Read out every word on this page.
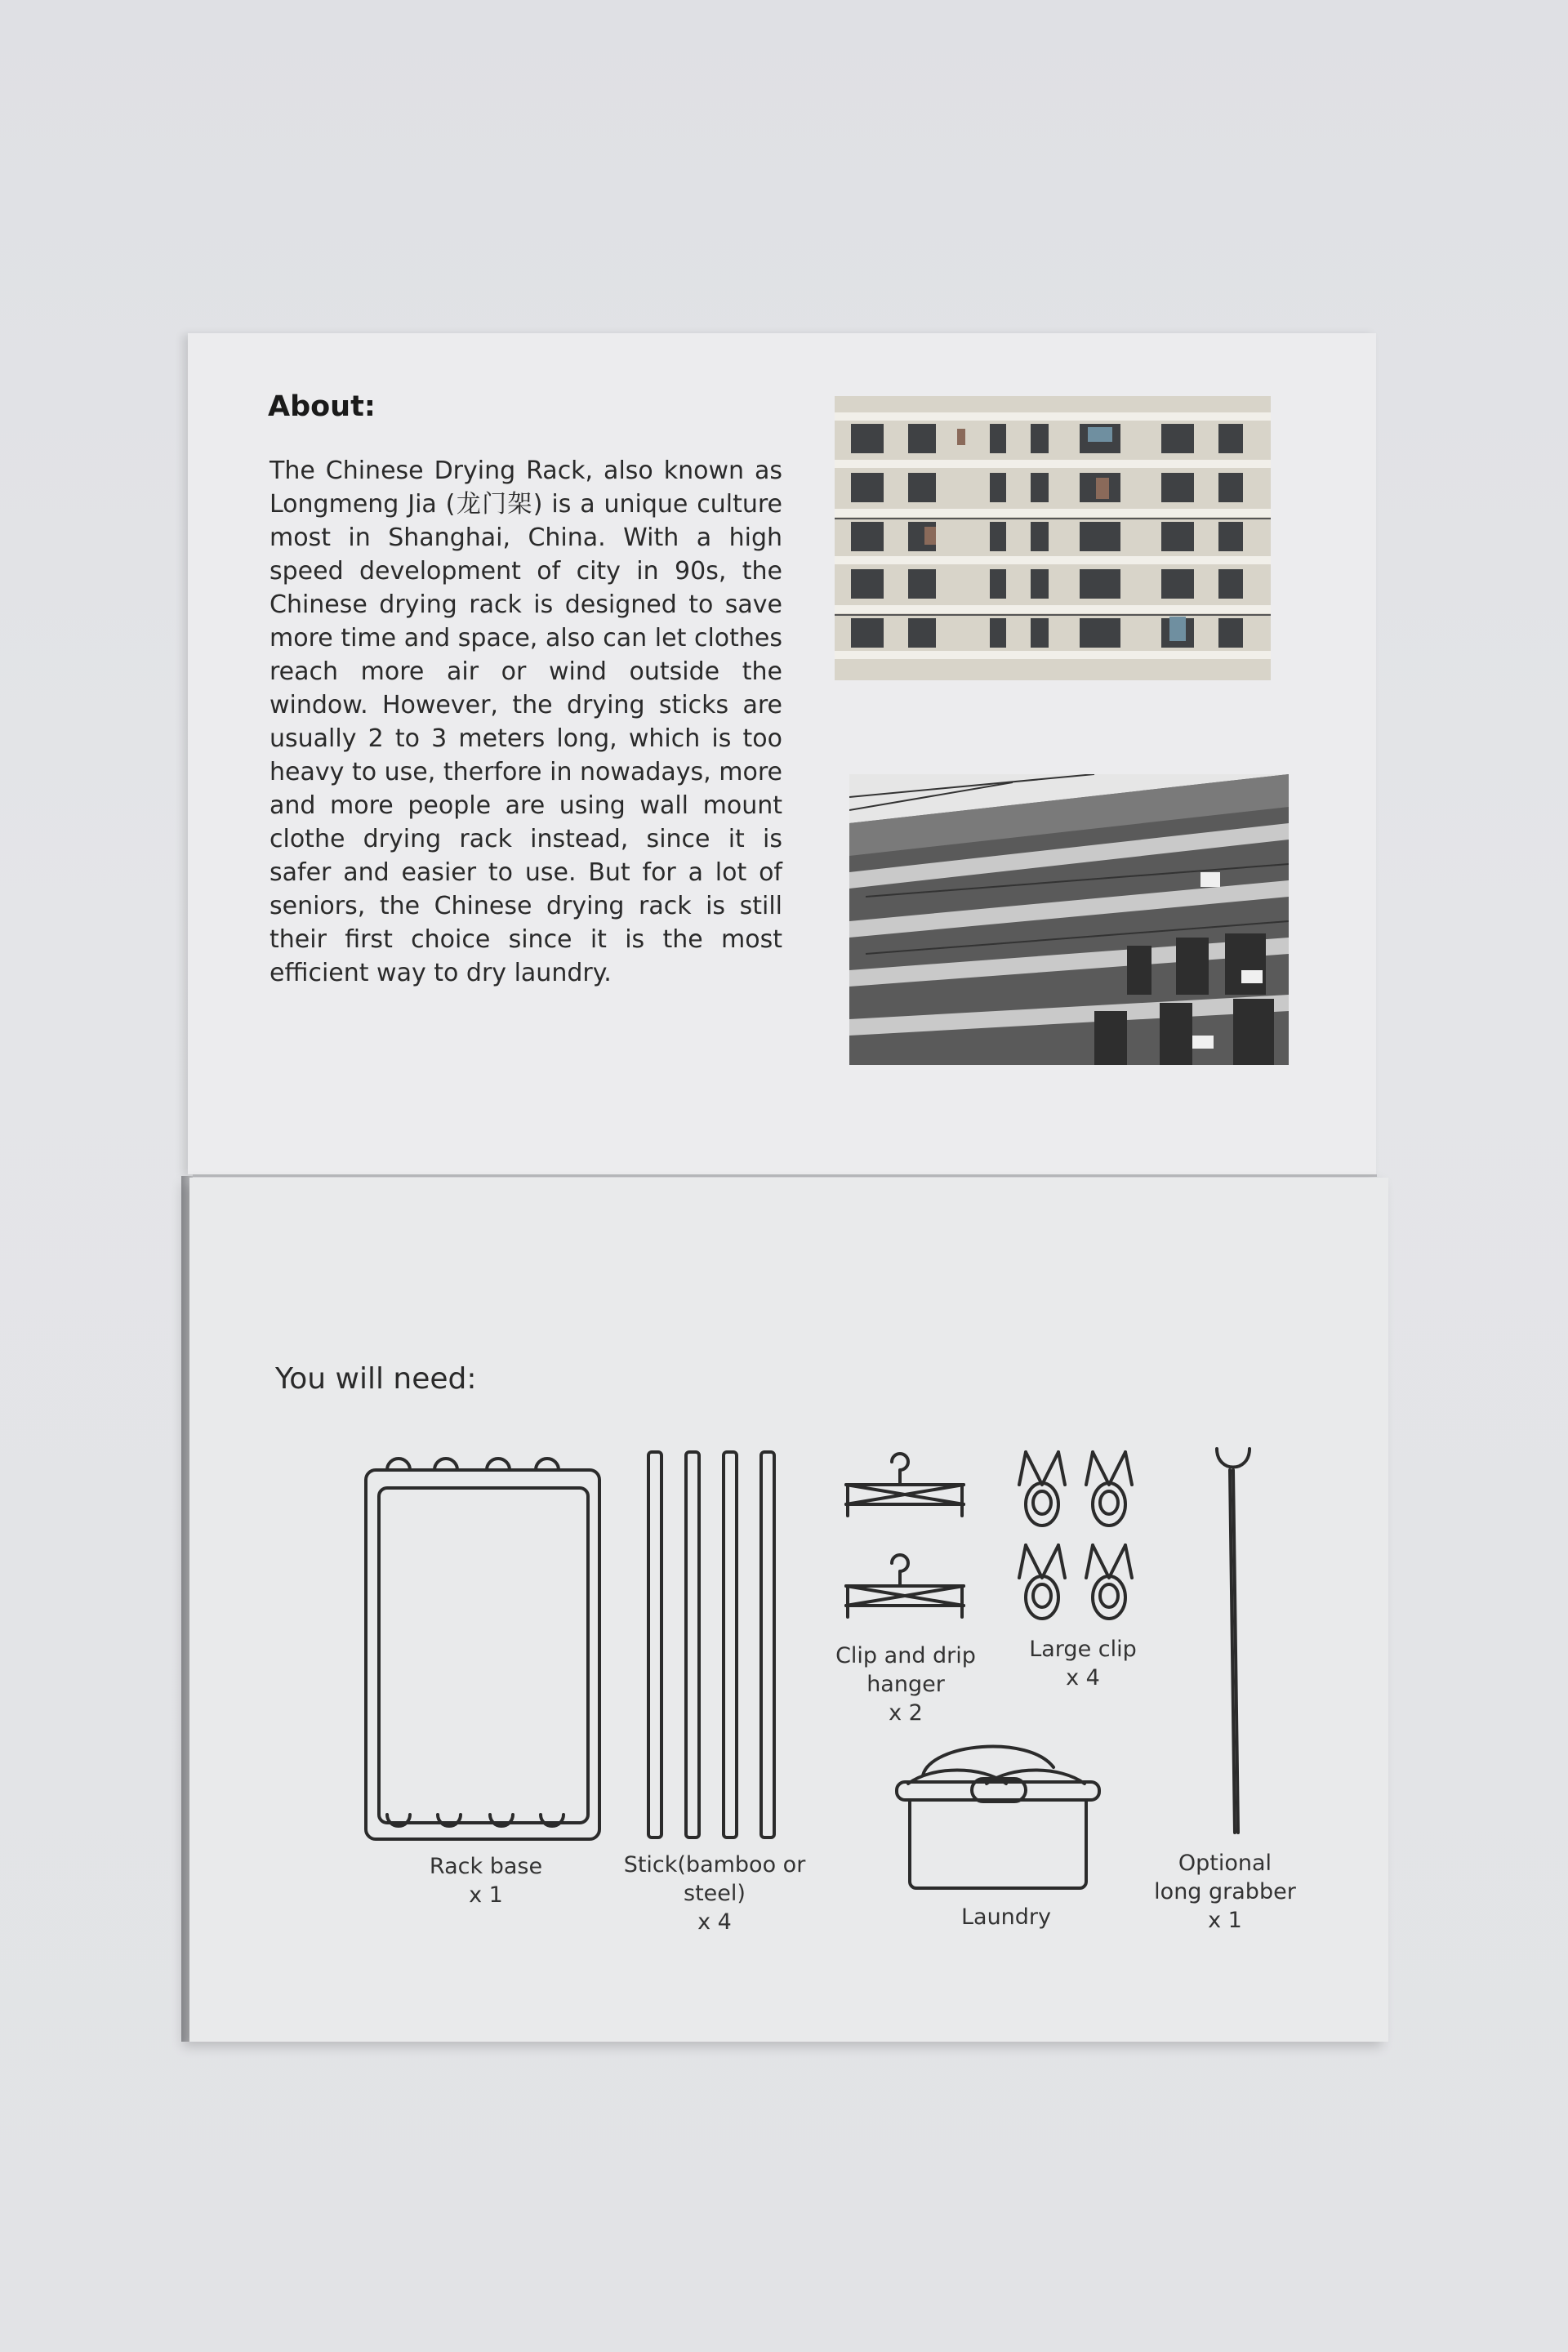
About:

The Chinese Drying Rack, also known as Longmeng Jia (龙门架) is a unique culture most in Shanghai, China. With a high speed development of city in 90s, the Chinese drying rack is designed to save more time and space, also can let clothes reach more air or wind outside the window. However, the drying sticks are usually 2 to 3 meters long, which is too heavy to use, therfore in nowadays, more and more people are using wall mount clothe drying rack instead, since it is safer and easier to use. But for a lot of seniors, the Chinese drying rack is still their first choice since it is the most efficient way to dry laundry.

You will need:
Rack base
x 1
Stick(bamboo or
steel)
x 4
Clip and drip
hanger
x 2
Large clip
x 4
Laundry
Optional
long grabber
x 1
